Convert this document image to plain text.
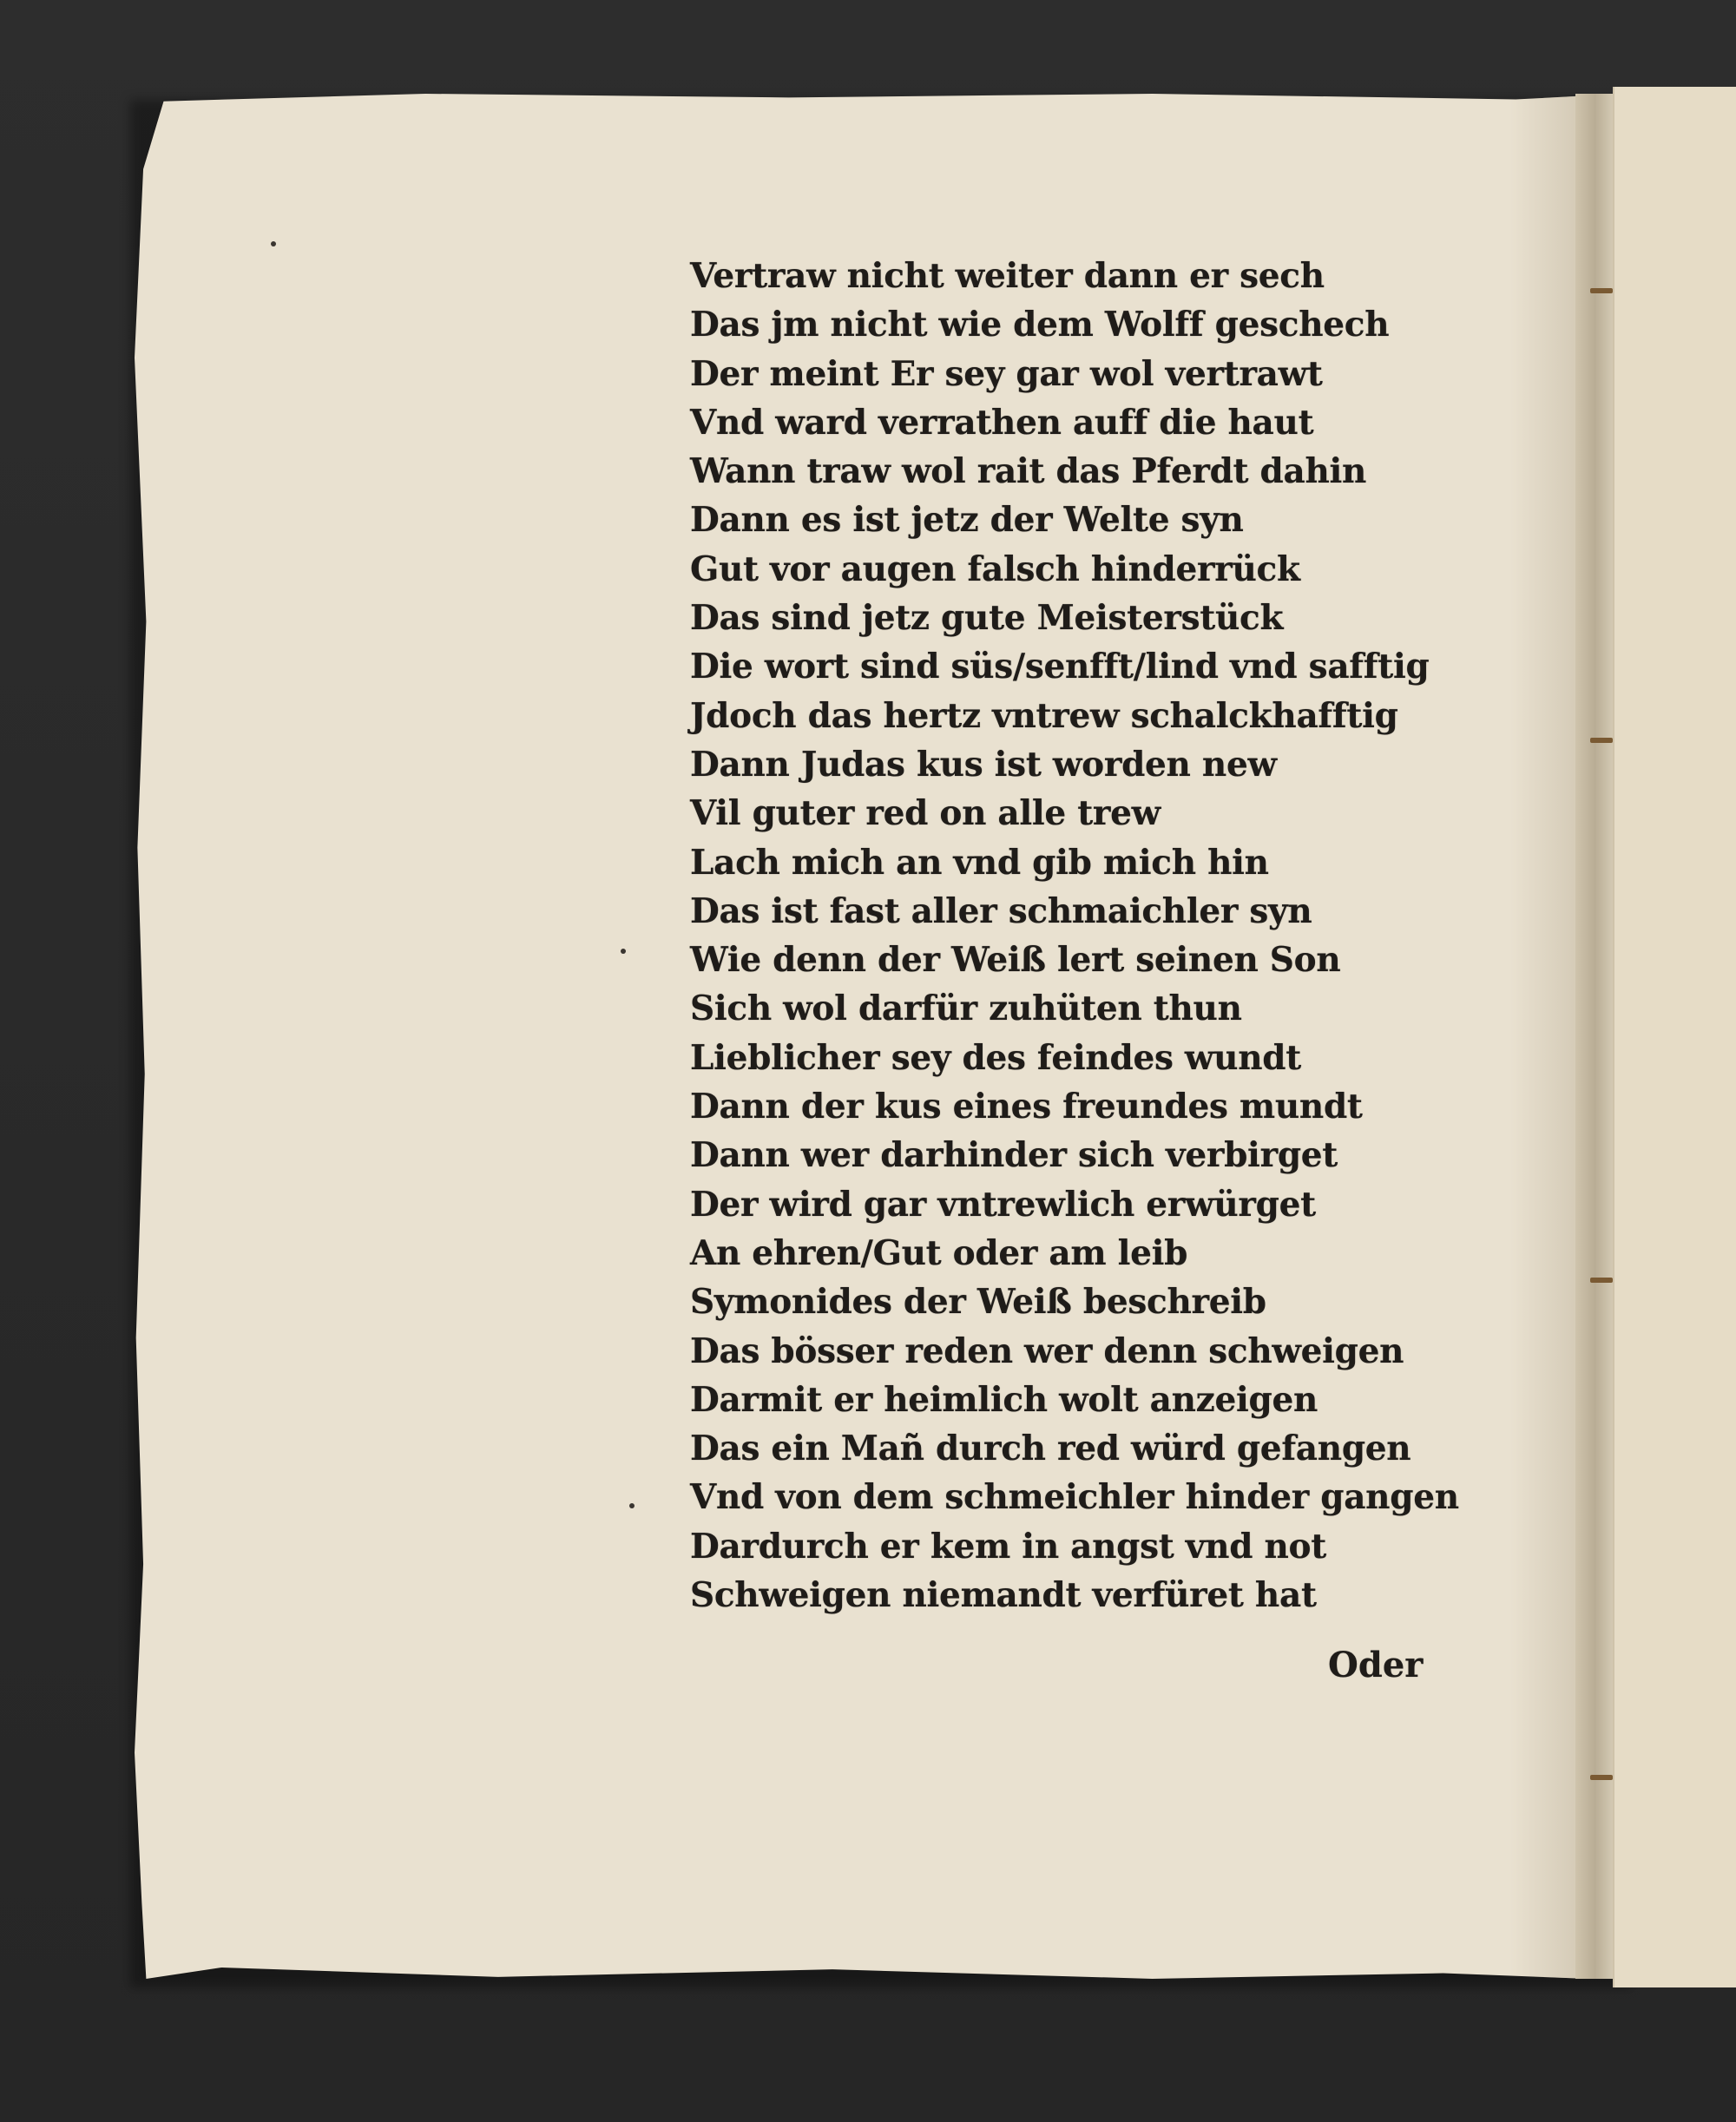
Vertraw nicht weiter dann er sech
Das jm nicht wie dem Wolff geschech
Der meint Er sey gar wol vertrawt
Vnd ward verrathen auff die haut
Wann traw wol rait das Pferdt dahin
Dann es ist jetz der Welte syn
Gut vor augen falsch hinderrück
Das sind jetz gute Meisterstück
Die wort sind süs/senfft/lind vnd safftig
Jdoch das hertz vntrew schalckhafftig
Dann Judas kus ist worden new
Vil guter red on alle trew
Lach mich an vnd gib mich hin
Das ist fast aller schmaichler syn
Wie denn der Weiß lert seinen Son
Sich wol darfür zuhüten thun
Lieblicher sey des feindes wundt
Dann der kus eines freundes mundt
Dann wer darhinder sich verbirget
Der wird gar vntrewlich erwürget
An ehren/Gut oder am leib
Symonides der Weiß beschreib
Das bösser reden wer denn schweigen
Darmit er heimlich wolt anzeigen
Das ein Mañ durch red würd gefangen
Vnd von dem schmeichler hinder gangen
Dardurch er kem in angst vnd not
Schweigen niemandt verfüret hat
Oder
